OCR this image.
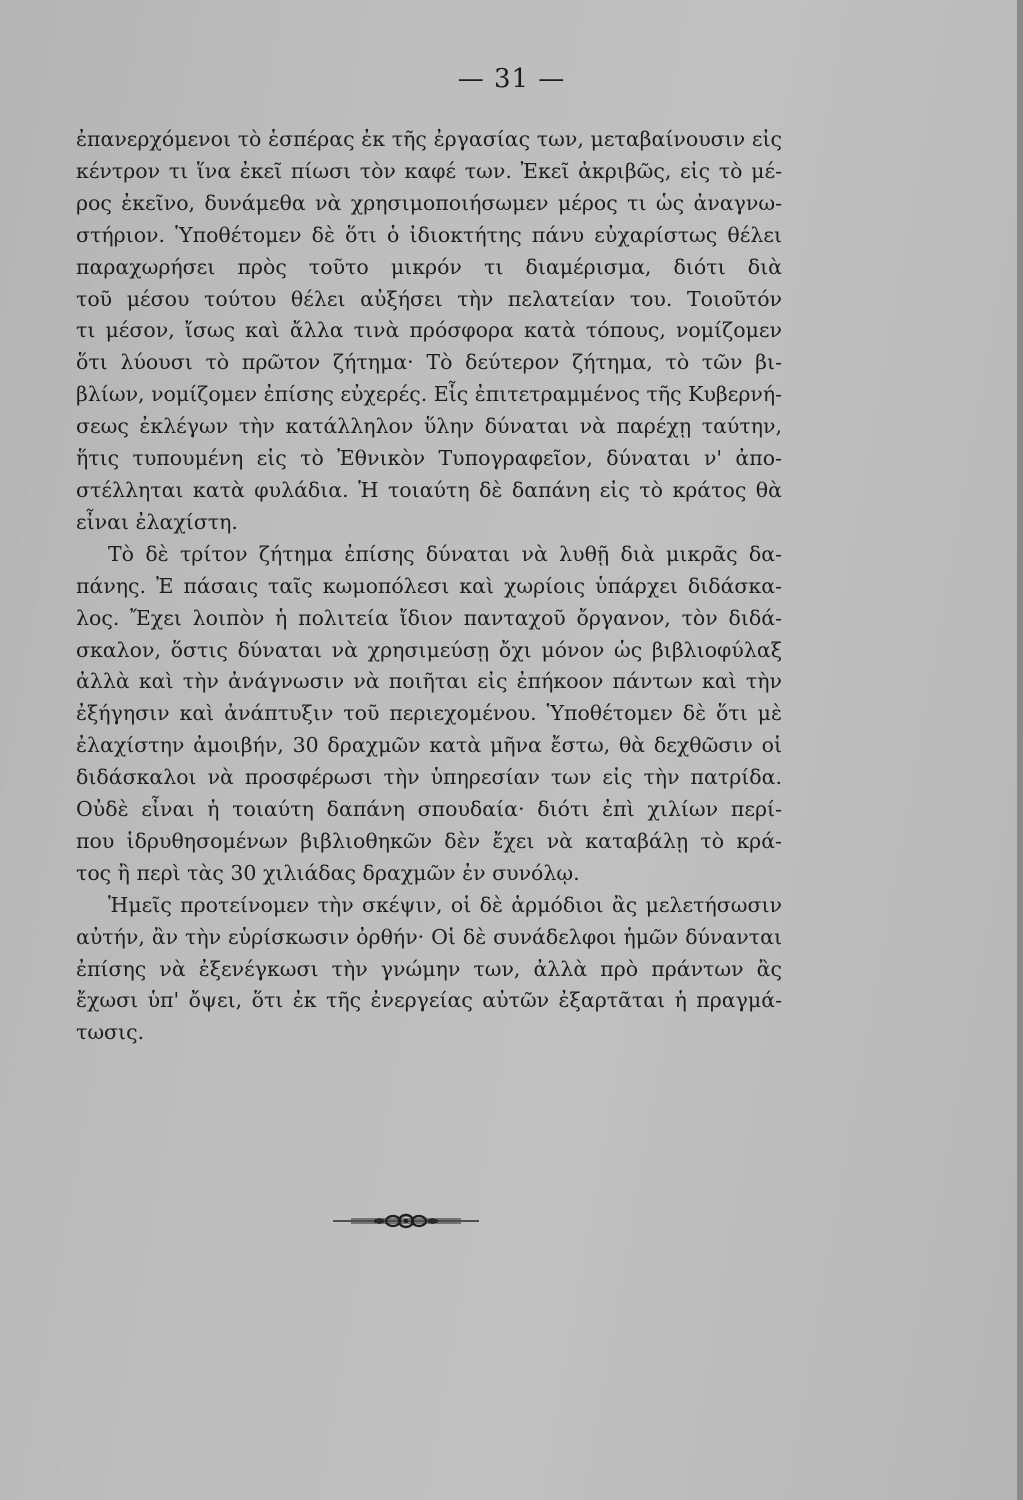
— 31 —
ἐπανερχόμενοι τὸ ἑσπέρας ἐκ τῆς ἐργασίας των, μεταβαίνουσιν εἰς
κέντρον τι ἵνα ἐκεῖ πίωσι τὸν καφέ των. Ἐκεῖ ἀκριβῶς, εἰς τὸ μέ-
ρος ἐκεῖνο, δυνάμεθα νὰ χρησιμοποιήσωμεν μέρος τι ὡς ἀναγνω-
στήριον. Ὑποθέτομεν δὲ ὅτι ὁ ἰδιοκτήτης πάνυ εὐχαρίστως θέλει
παραχωρήσει πρὸς τοῦτο μικρόν τι διαμέρισμα, διότι διὰ
τοῦ μέσου τούτου θέλει αὐξήσει τὴν πελατείαν του. Τοιοῦτόν
τι μέσον, ἴσως καὶ ἄλλα τινὰ πρόσφορα κατὰ τόπους, νομίζομεν
ὅτι λύουσι τὸ πρῶτον ζήτημα· Τὸ δεύτερον ζήτημα, τὸ τῶν βι-
βλίων, νομίζομεν ἐπίσης εὐχερές. Εἷς ἐπιτετραμμένος τῆς Κυβερνή-
σεως ἐκλέγων τὴν κατάλληλον ὕλην δύναται νὰ παρέχῃ ταύτην,
ἥτις τυπουμένη εἰς τὸ Ἐθνικὸν Τυπογραφεῖον, δύναται ν' ἀπο-
στέλληται κατὰ φυλάδια. Ἡ τοιαύτη δὲ δαπάνη εἰς τὸ κράτος θὰ
εἶναι ἐλαχίστη.
Τὸ δὲ τρίτον ζήτημα ἐπίσης δύναται νὰ λυθῇ διὰ μικρᾶς δα-
πάνης. Ἐ πάσαις ταῖς κωμοπόλεσι καὶ χωρίοις ὑπάρχει διδάσκα-
λος. Ἔχει λοιπὸν ἡ πολιτεία ἴδιον πανταχοῦ ὄργανον, τὸν διδά-
σκαλον, ὅστις δύναται νὰ χρησιμεύσῃ ὄχι μόνον ὡς βιβλιοφύλαξ
ἀλλὰ καὶ τὴν ἀνάγνωσιν νὰ ποιῆται εἰς ἐπήκοον πάντων καὶ τὴν
ἐξήγησιν καὶ ἀνάπτυξιν τοῦ περιεχομένου. Ὑποθέτομεν δὲ ὅτι μὲ
ἐλαχίστην ἀμοιβήν, 30 δραχμῶν κατὰ μῆνα ἔστω, θὰ δεχθῶσιν οἱ
διδάσκαλοι νὰ προσφέρωσι τὴν ὑπηρεσίαν των εἰς τὴν πατρίδα.
Οὐδὲ εἶναι ἡ τοιαύτη δαπάνη σπουδαία· διότι ἐπὶ χιλίων περί-
που ἱδρυθησομένων βιβλιοθηκῶν δὲν ἔχει νὰ καταβάλῃ τὸ κρά-
τος ἢ περὶ τὰς 30 χιλιάδας δραχμῶν ἐν συνόλῳ.
Ἡμεῖς προτείνομεν τὴν σκέψιν, οἱ δὲ ἁρμόδιοι ἂς μελετήσωσιν
αὐτήν, ἂν τὴν εὑρίσκωσιν ὀρθήν· Οἱ δὲ συνάδελφοι ἡμῶν δύνανται
ἐπίσης νὰ ἐξενέγκωσι τὴν γνώμην των, ἀλλὰ πρὸ πράντων ἂς
ἔχωσι ὑπ' ὄψει, ὅτι ἐκ τῆς ἐνεργείας αὐτῶν ἐξαρτᾶται ἡ πραγμά-
τωσις.
